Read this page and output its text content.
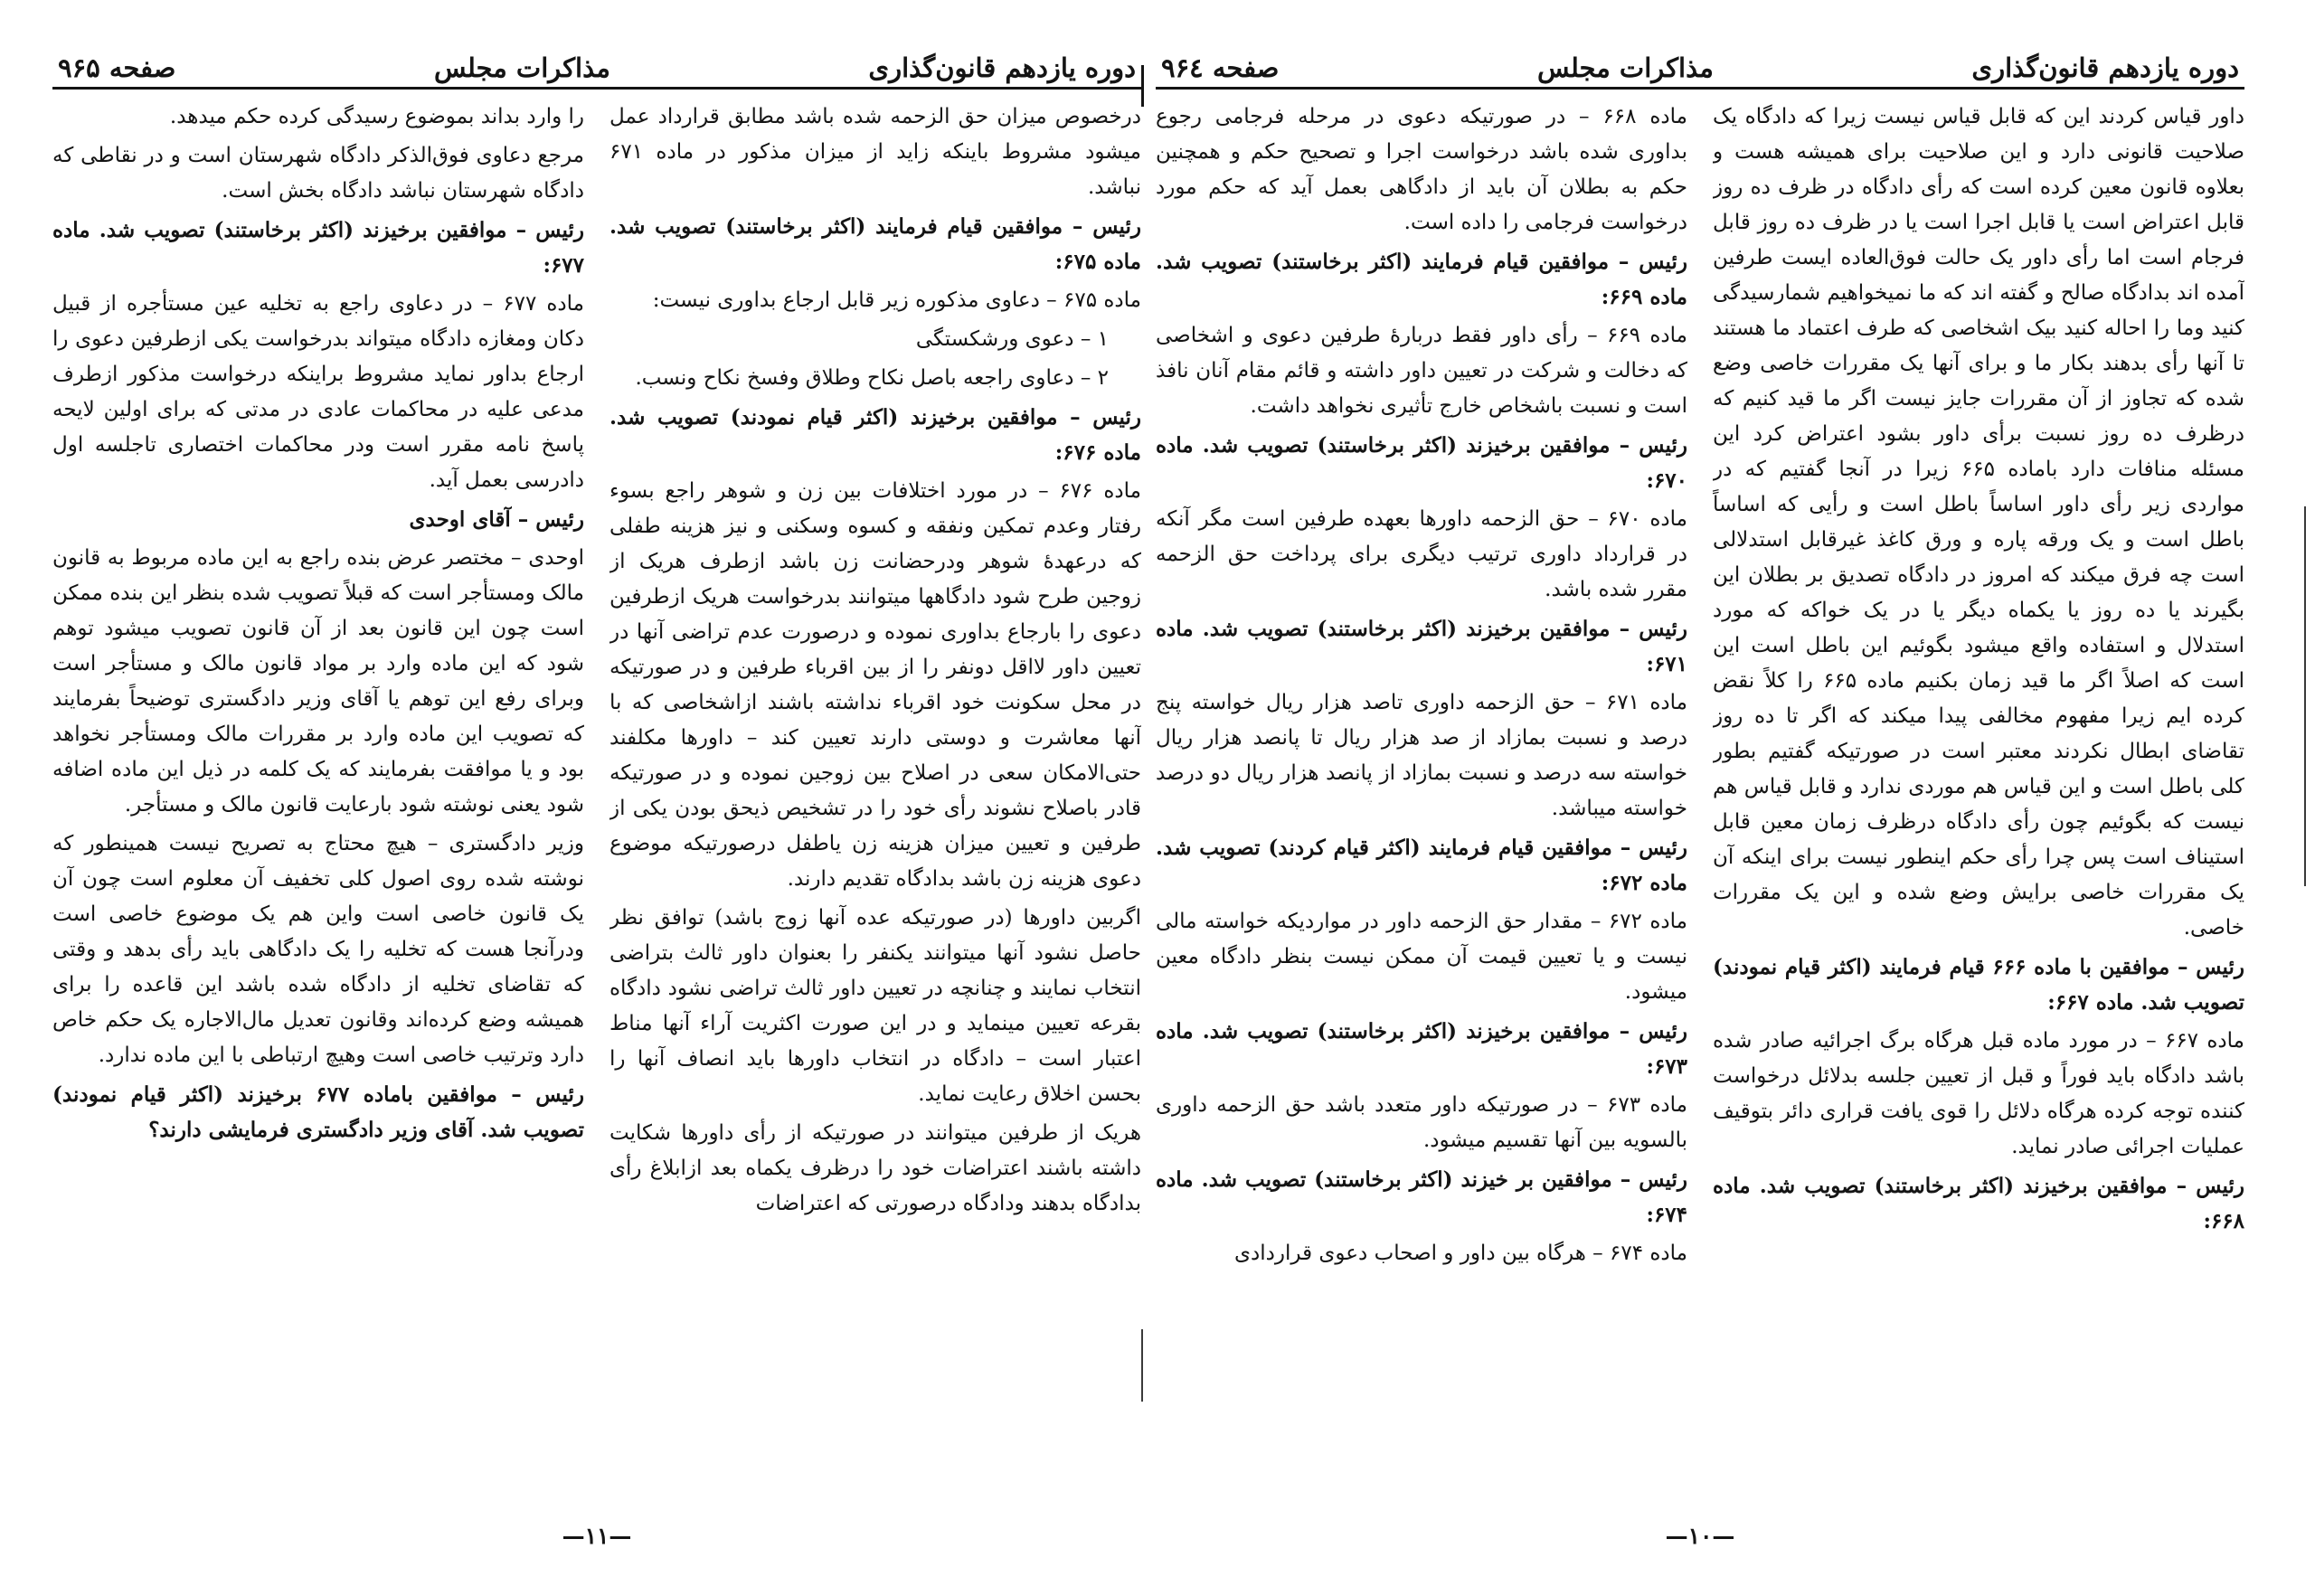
دوره یازدهم قانون‌گذاری
مذاکرات مجلس
صفحه ۹۶۵

درخصوص میزان حق الزحمه شده باشد مطابق قرارداد عمل میشود مشروط باینکه زاید از میزان مذکور در ماده ۶۷۱ نباشد.

رئیس – موافقین قیام فرمایند (اکثر برخاستند) تصویب شد. ماده ۶۷۵:

ماده ۶۷۵ – دعاوی مذکوره زیر قابل ارجاع بداوری نیست:

۱ – دعوی ورشکستگی

۲ – دعاوی راجعه باصل نکاح وطلاق وفسخ نکاح ونسب.

رئیس – موافقین برخیزند (اکثر قیام نمودند) تصویب شد. ماده ۶۷۶:

ماده ۶۷۶ – در مورد اختلافات بین زن و شوهر راجع بسوء رفتار وعدم تمکین ونفقه و کسوه وسکنی و نیز هزینه طفلی که درعهدهٔ شوهر ودرحضانت زن باشد ازطرف هریک از زوجین طرح شود دادگاهها میتوانند بدرخواست هریک ازطرفین دعوی را بارجاع بداوری نموده و درصورت عدم تراضی آنها در تعیین داور لااقل دونفر را از بین اقرباء طرفین و در صورتیکه در محل سکونت خود اقرباء نداشته باشند ازاشخاصی که با آنها معاشرت و دوستی دارند تعیین کند – داورها مکلفند حتی‌الامکان سعی در اصلاح بین زوجین نموده و در صورتیکه قادر باصلاح نشوند رأی خود را در تشخیص ذیحق بودن یکی از طرفین و تعیین میزان هزینه زن یاطفل درصورتیکه موضوع دعوی هزینه زن باشد بدادگاه تقدیم دارند.

اگربین داورها (در صورتیکه عده آنها زوج باشد) توافق نظر حاصل نشود آنها میتوانند یکنفر را بعنوان داور ثالث بتراضی انتخاب نمایند و چنانچه در تعیین داور ثالث تراضی نشود دادگاه بقرعه تعیین مینماید و در این صورت اکثریت آراء آنها مناط اعتبار است – دادگاه در انتخاب داورها باید انصاف آنها را بحسن اخلاق رعایت نماید.

هریک از طرفین میتوانند در صورتیکه از رأی داورها شکایت داشته باشند اعتراضات خود را درظرف یکماه بعد ازابلاغ رأی بدادگاه بدهند ودادگاه درصورتی که اعتراضات

را وارد بداند بموضوع رسیدگی کرده حکم میدهد.

مرجع دعاوی فوق‌الذکر دادگاه شهرستان است و در نقاطی که دادگاه شهرستان نباشد دادگاه بخش است.

رئیس – موافقین برخیزند (اکثر برخاستند) تصویب شد. ماده ۶۷۷:

ماده ۶۷۷ – در دعاوی راجع به تخلیه عین مستأجره از قبیل دکان ومغازه دادگاه میتواند بدرخواست یکی ازطرفین دعوی را ارجاع بداور نماید مشروط براینکه درخواست مذکور ازطرف مدعی علیه در محاکمات عادی در مدتی که برای اولین لایحه پاسخ نامه مقرر است ودر محاکمات اختصاری تاجلسه اول دادرسی بعمل آید.

رئیس – آقای اوحدی

اوحدی – مختصر عرض بنده راجع به این ماده مربوط به قانون مالک ومستأجر است که قبلاً تصویب شده بنظر این بنده ممکن است چون این قانون بعد از آن قانون تصویب میشود توهم شود که این ماده وارد بر مواد قانون مالک و مستأجر است وبرای رفع این توهم یا آقای وزیر دادگستری توضیحاً بفرمایند که تصویب این ماده وارد بر مقررات مالک ومستأجر نخواهد بود و یا موافقت بفرمایند که یک کلمه در ذیل این ماده اضافه شود یعنی نوشته شود بارعایت قانون مالک و مستأجر.

وزیر دادگستری – هیچ محتاج به تصریح نیست همینطور که نوشته شده روی اصول کلی تخفیف آن معلوم است چون آن یک قانون خاصی است واین هم یک موضوع خاصی است ودرآنجا هست که تخلیه را یک دادگاهی باید رأی بدهد و وقتی که تقاضای تخلیه از دادگاه شده باشد این قاعده را برای همیشه وضع کرده‌اند وقانون تعدیل مال‌الاجاره یک حکم خاص دارد وترتیب خاصی است وهیچ ارتباطی با این ماده ندارد.

رئیس – موافقین باماده ۶۷۷ برخیزند (اکثر قیام نمودند) تصویب شد. آقای وزیر دادگستری فرمایشی دارند؟

—۱۱—
دوره یازدهم قانون‌گذاری
مذاکرات مجلس
صفحه ۹۶٤

داور قیاس کردند این که قابل قیاس نیست زیرا که دادگاه یک صلاحیت قانونی دارد و این صلاحیت برای همیشه هست و بعلاوه قانون معین کرده است که رأی دادگاه در ظرف ده روز قابل اعتراض است یا قابل اجرا است یا در ظرف ده روز قابل فرجام است اما رأی داور یک حالت فوق‌العاده ایست طرفین آمده اند بدادگاه صالح و گفته اند که ما نمیخواهیم شمارسیدگی کنید وما را احاله کنید بیک اشخاصی که طرف اعتماد ما هستند تا آنها رأی بدهند بکار ما و برای آنها یک مقررات خاصی وضع شده که تجاوز از آن مقررات جایز نیست اگر ما قید کنیم که درظرف ده روز نسبت برأی داور بشود اعتراض کرد این مسئله منافات دارد باماده ۶۶۵ زیرا در آنجا گفتیم که در مواردی زیر رأی داور اساساً باطل است و رأیی که اساساً باطل است و یک ورقه پاره و ورق کاغذ غیرقابل استدلالی است چه فرق میکند که امروز در دادگاه تصدیق بر بطلان این بگیرند یا ده روز یا یکماه دیگر یا در یک خواکه که مورد استدلال و استفاده واقع میشود بگوئیم این باطل است این است که اصلاً اگر ما قید زمان بکنیم ماده ۶۶۵ را کلاً نقض کرده ایم زیرا مفهوم مخالفی پیدا میکند که اگر تا ده روز تقاضای ابطال نکردند معتبر است در صورتیکه گفتیم بطور کلی باطل است و این قیاس هم موردی ندارد و قابل قیاس هم نیست که بگوئیم چون رأی دادگاه درظرف زمان معین قابل استیناف است پس چرا رأی حکم اینطور نیست برای اینکه آن یک مقررات خاصی برایش وضع شده و این یک مقررات خاصی.

رئیس – موافقین با ماده ۶۶۶ قیام فرمایند (اکثر قیام نمودند) تصویب شد. ماده ۶۶۷:

ماده ۶۶۷ – در مورد ماده قبل هرگاه برگ اجرائیه صادر شده باشد دادگاه باید فوراً و قبل از تعیین جلسه بدلائل درخواست کننده توجه کرده هرگاه دلائل را قوی یافت قراری دائر بتوقیف عملیات اجرائی صادر نماید.

رئیس – موافقین برخیزند (اکثر برخاستند) تصویب شد. ماده ۶۶۸:

ماده ۶۶۸ – در صورتیکه دعوی در مرحله فرجامی رجوع بداوری شده باشد درخواست اجرا و تصحیح حکم و همچنین حکم به بطلان آن باید از دادگاهی بعمل آید که حکم مورد درخواست فرجامی را داده است.

رئیس – موافقین قیام فرمایند (اکثر برخاستند) تصویب شد. ماده ۶۶۹:

ماده ۶۶۹ – رأی داور فقط دربارهٔ طرفین دعوی و اشخاصی که دخالت و شرکت در تعیین داور داشته و قائم مقام آنان نافذ است و نسبت باشخاص خارج تأثیری نخواهد داشت.

رئیس – موافقین برخیزند (اکثر برخاستند) تصویب شد. ماده ۶۷۰:

ماده ۶۷۰ – حق الزحمه داورها بعهده طرفین است مگر آنکه در قرارداد داوری ترتیب دیگری برای پرداخت حق الزحمه مقرر شده باشد.

رئیس – موافقین برخیزند (اکثر برخاستند) تصویب شد. ماده ۶۷۱:

ماده ۶۷۱ – حق الزحمه داوری تاصد هزار ریال خواسته پنج درصد و نسبت بمازاد از صد هزار ریال تا پانصد هزار ریال خواسته سه درصد و نسبت بمازاد از پانصد هزار ریال دو درصد خواسته میباشد.

رئیس – موافقین قیام فرمایند (اکثر قیام کردند) تصویب شد. ماده ۶۷۲:

ماده ۶۷۲ – مقدار حق الزحمه داور در مواردیکه خواسته مالی نیست و یا تعیین قیمت آن ممکن نیست بنظر دادگاه معین میشود.

رئیس – موافقین برخیزند (اکثر برخاستند) تصویب شد. ماده ۶۷۳:

ماده ۶۷۳ – در صورتیکه داور متعدد باشد حق الزحمه داوری بالسویه بین آنها تقسیم میشود.

رئیس – موافقین بر خیزند (اکثر برخاستند) تصویب شد. ماده ۶۷۴:

ماده ۶۷۴ – هرگاه بین داور و اصحاب دعوی قراردادی

—۱۰—
